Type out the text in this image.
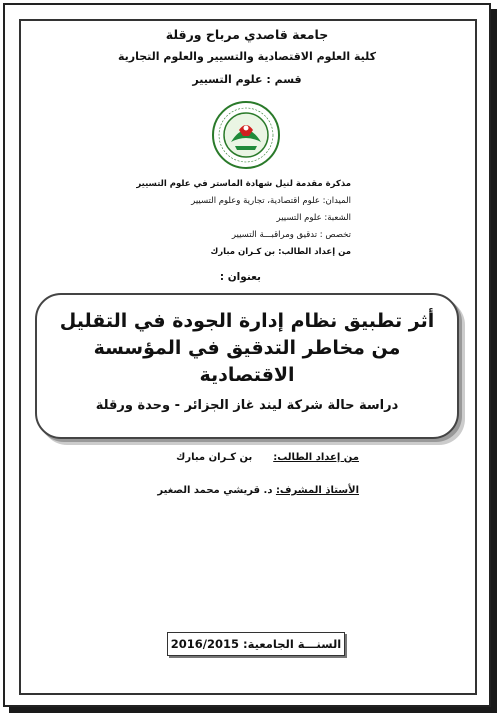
جامعة قاصدي مرباح ورقلة
كلية العلوم الاقتصادية والتسيير والعلوم التجارية
قسم : علوم التسيير
مذكرة مقدمة لنيل شهادة الماستر في علوم التسيير
الميدان: علوم اقتصادية، تجارية وعلوم التسيير
الشعبة: علوم التسيير
تخصص : تدقيق ومراقبـــة التسيير
من إعداد الطالب: بن كـران مبارك
بعنوان :
أثر تطبيق نظام إدارة الجودة في التقليل من مخاطر التدقيق في المؤسسة الاقتصادية
دراسة حالة شركة ليند غاز الجزائر - وحدة ورقلة
من إعداد الطالب:  بن كـران مبارك
الأستاذ المشرف: د. قريشي محمد الصغير
السنـــة الجامعية: 2016/2015
